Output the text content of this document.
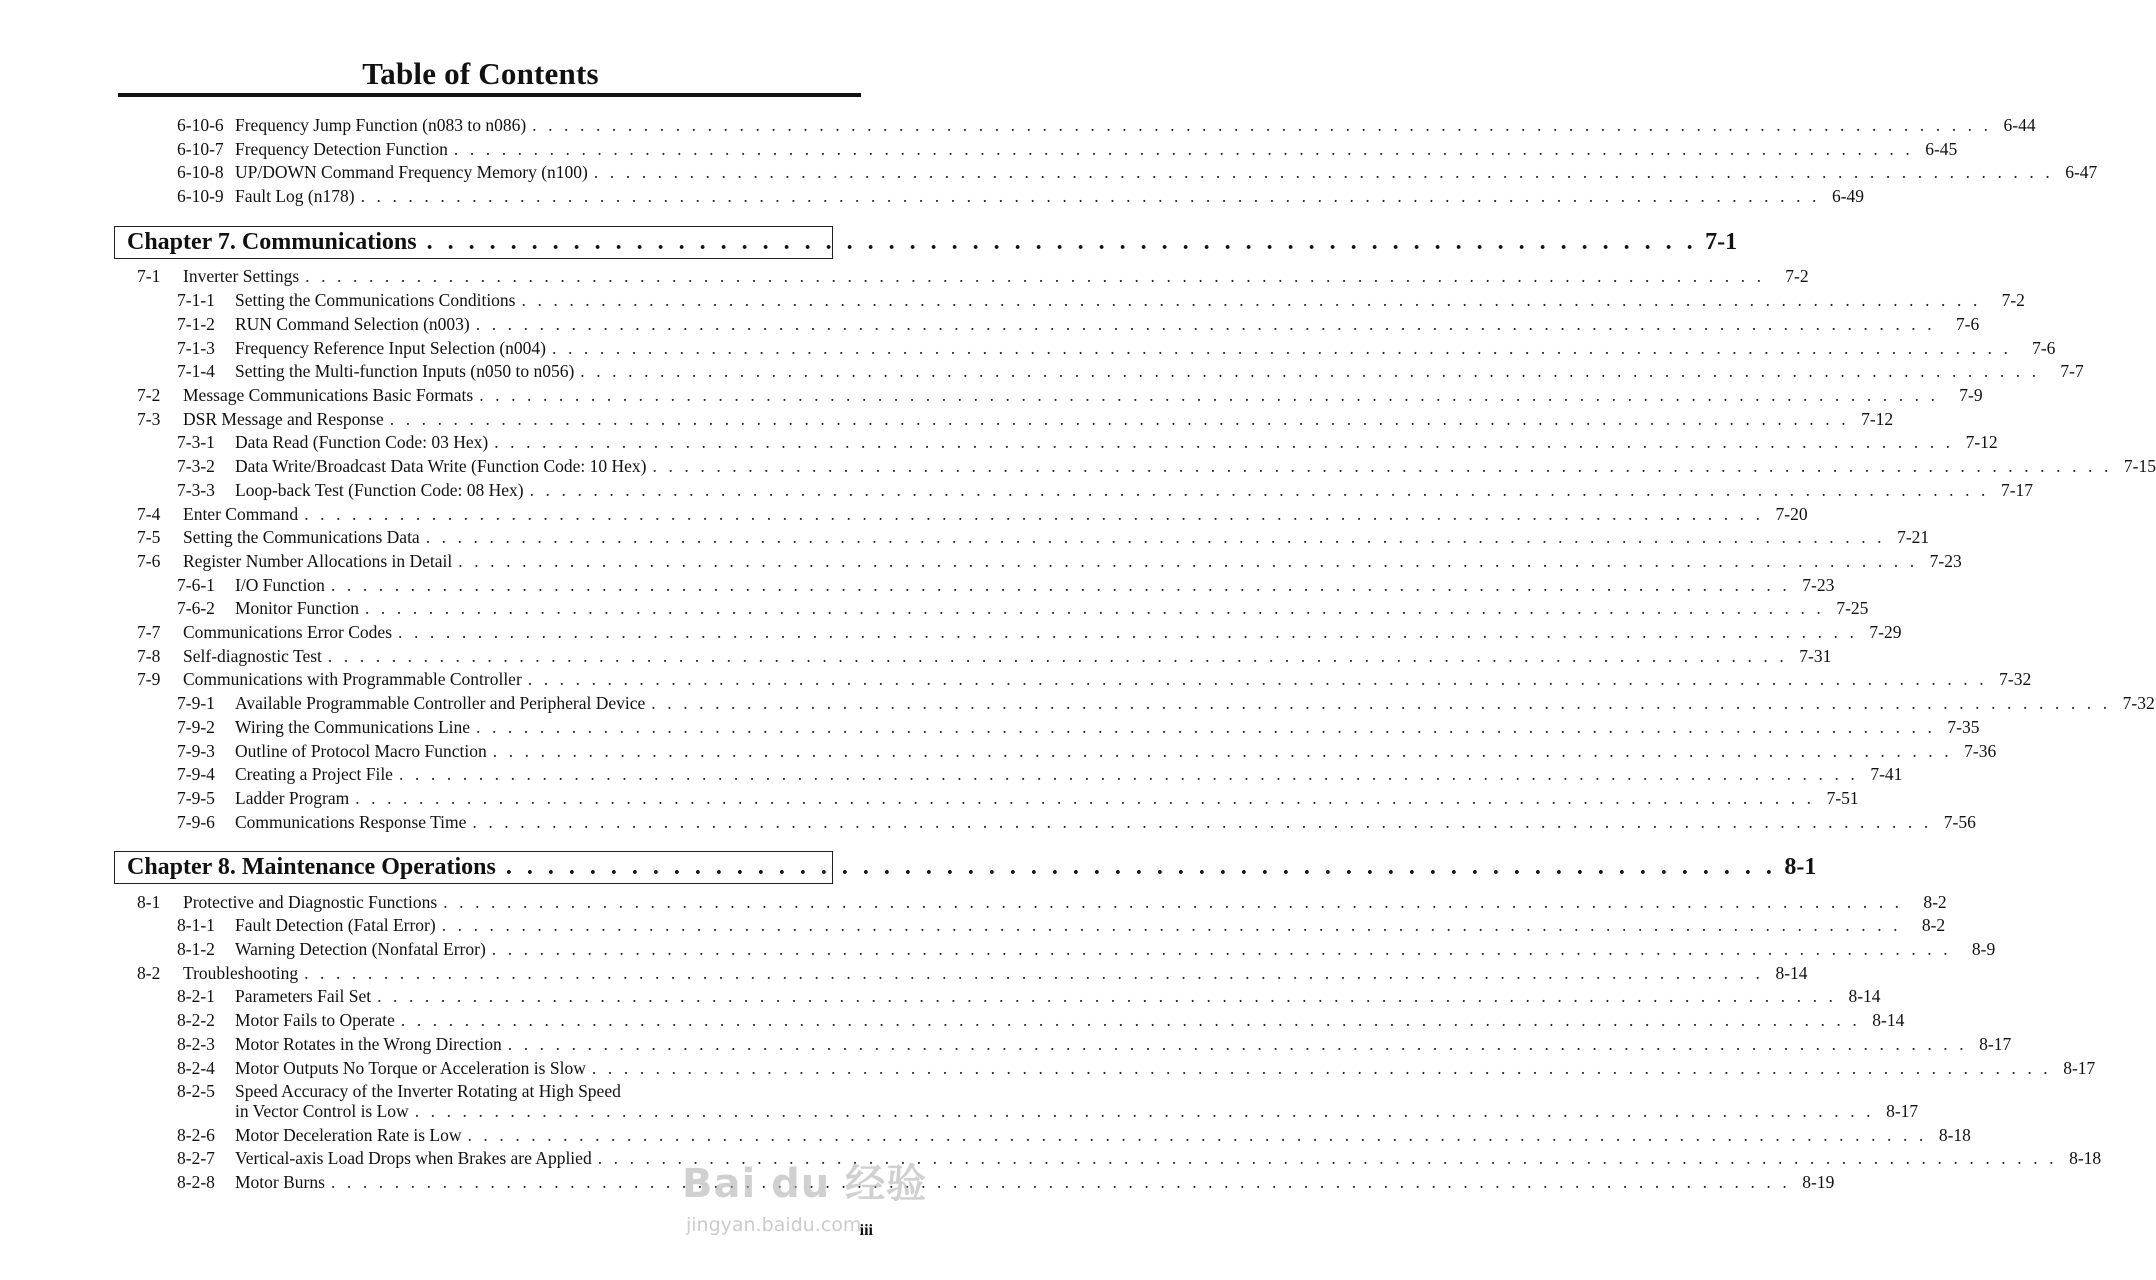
Table of Contents
6-10-6 Frequency Jump Function (n083 to n086) . . .	6-44
6-10-7 Frequency Detection Function . . .	6-45
6-10-8 UP/DOWN Command Frequency Memory (n100) . . .	6-47
6-10-9 Fault Log (n178) . . .	6-49
Chapter 7. Communications . . .	7-1
7-1	Inverter Settings . . .	7-2
7-1-1	Setting the Communications Conditions . . .	7-2
7-1-2	RUN Command Selection (n003) . . .	7-6
7-1-3	Frequency Reference Input Selection (n004) . . .	7-6
7-1-4	Setting the Multi-function Inputs (n050 to n056) . . .	7-7
7-2	Message Communications Basic Formats . . .	7-9
7-3	DSR Message and Response . . .	7-12
7-3-1	Data Read (Function Code: 03 Hex) . . .	7-12
7-3-2	Data Write/Broadcast Data Write (Function Code: 10 Hex) . . .	7-15
7-3-3	Loop-back Test (Function Code: 08 Hex) . . .	7-17
7-4	Enter Command . . .	7-20
7-5	Setting the Communications Data . . .	7-21
7-6	Register Number Allocations in Detail . . .	7-23
7-6-1	I/O Function . . .	7-23
7-6-2	Monitor Function . . .	7-25
7-7	Communications Error Codes . . .	7-29
7-8	Self-diagnostic Test . . .	7-31
7-9	Communications with Programmable Controller . . .	7-32
7-9-1	Available Programmable Controller and Peripheral Device . . .	7-32
7-9-2	Wiring the Communications Line . . .	7-35
7-9-3	Outline of Protocol Macro Function . . .	7-36
7-9-4	Creating a Project File . . .	7-41
7-9-5	Ladder Program . . .	7-51
7-9-6	Communications Response Time . . .	7-56
Chapter 8. Maintenance Operations . . .	8-1
8-1	Protective and Diagnostic Functions . . .	8-2
8-1-1	Fault Detection (Fatal Error) . . .	8-2
8-1-2	Warning Detection (Nonfatal Error) . . .	8-9
8-2	Troubleshooting . . .	8-14
8-2-1	Parameters Fail Set . . .	8-14
8-2-2	Motor Fails to Operate . . .	8-14
8-2-3	Motor Rotates in the Wrong Direction . . .	8-17
8-2-4	Motor Outputs No Torque or Acceleration is Slow . . .	8-17
8-2-5	Speed Accuracy of the Inverter Rotating at High Speed
in Vector Control is Low . . .	8-17
8-2-6	Motor Deceleration Rate is Low . . .	8-18
8-2-7	Vertical-axis Load Drops when Brakes are Applied . . .	8-18
8-2-8	Motor Burns . . .	8-19
Bai du 经验
jingyan.baidu.com
iii
